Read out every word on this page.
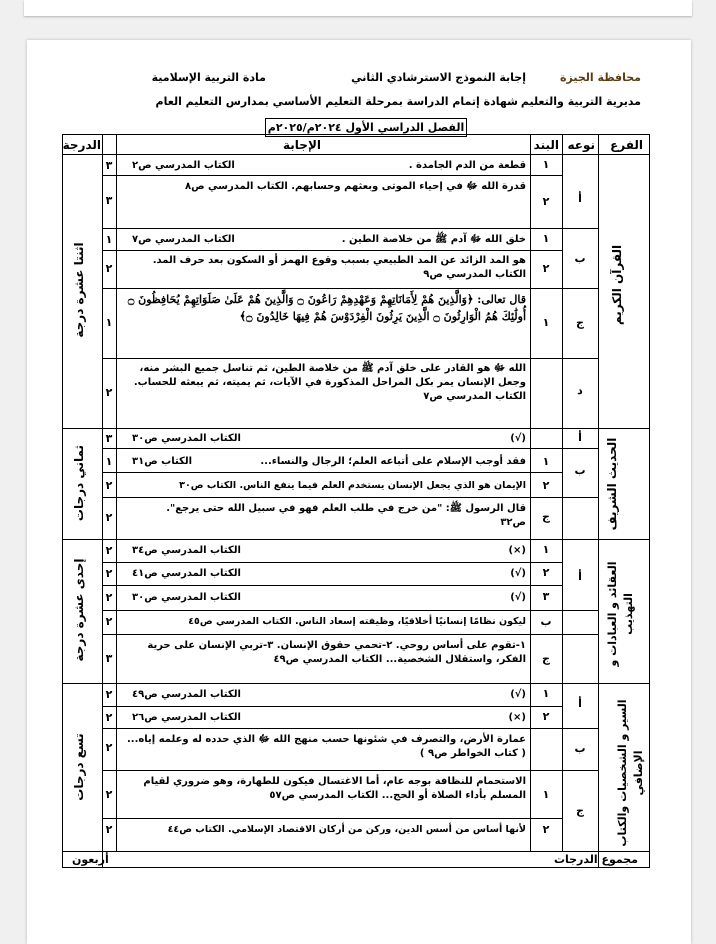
محافظة الجيزة
مديرية التربية والتعليم
إجابة النموذج الاسترشادي الثاني
مادة التربية الإسلامية
شهادة إتمام الدراسة بمرحلة التعليم الأساسي بمدارس التعليم العام
الفصل الدراسي الأول ٢٠٢٤م/٢٠٢٥م
الفرع
نوعه
البند
الإجابة
الدرجة
القرآن الكريم
الحديث الشريف
العقائد و العبادات و التهذيب
السير و الشخصيات والكتاب الإضافي
اثنتا عشرة درجة
ثماني درجات
إحدى عشرة درجة
تسع درجات
أ
ب
ج
د
١
٢
١
٢
١
قطعة من الدم الجامدة .
الكتاب المدرسي ص٢
قدرة الله ﷻ في إحياء الموتى وبعثهم وحسابهم. الكتاب المدرسي ص٨
خلق الله ﷻ آدم ﷺ من خلاصة الطين .
الكتاب المدرسي ص٧
هو المد الزائد عن المد الطبيعي بسبب وقوع الهمز أو السكون بعد حرف المد. الكتاب المدرسي ص٩
قال تعالى: ﴿وَالَّذِينَ هُمْ لِأَمَانَاتِهِمْ وَعَهْدِهِمْ رَاعُونَ ۝ وَالَّذِينَ هُمْ عَلَىٰ صَلَوَاتِهِمْ يُحَافِظُونَ ۝ أُولَٰئِكَ هُمُ الْوَارِثُونَ ۝ الَّذِينَ يَرِثُونَ الْفِرْدَوْسَ هُمْ فِيهَا خَالِدُونَ ۝﴾
الله ﷻ هو القادر على خلق آدم ﷺ من خلاصة الطين، ثم تناسل جميع البشر منه، وجعل الإنسان يمر بكل المراحل المذكورة في الآيات، ثم يميته، ثم يبعثه للحساب. الكتاب المدرسي ص٧
٣
٣
١
٢
١
٢
أ
ب
ج
١
٢
(√)
الكتاب المدرسي ص٣٠
فقد أوجب الإسلام على أتباعه العلم؛ الرجال والنساء...
الكتاب ص٣١
الإيمان هو الذي يجعل الإنسان يستخدم العلم فيما ينفع الناس. الكتاب ص٣٠
قال الرسول ﷺ: "من خرج في طلب العلم فهو في سبيل الله حتى يرجع".
ص٣٢
٣
١
٢
٢
أ
ب
ج
١
٢
٣
(×)
الكتاب المدرسي ص٣٤
(√)
الكتاب المدرسي ص٤١
(√)
الكتاب المدرسي ص٣٠
ليكون نظامًا إنسانيًا أخلاقيًا، وظيفته إسعاد الناس. الكتاب المدرسي ص٤٥
١-تقوم على أساس روحي. ٢-تحمي حقوق الإنسان. ٣-تربي الإنسان على حرية الفكر، واستقلال الشخصية... الكتاب المدرسي ص٤٩
٢
٢
٢
٢
٣
أ
ب
ج
١
٢
١
٢
(√)
الكتاب المدرسي ص٤٩
(×)
الكتاب المدرسي ص٢٦
عمارة الأرض، والتصرف في شئونها حسب منهج الله ﷻ الذي حدده له وعلمه إياه... ( كتاب الخواطر ص٩ )
الاستحمام للنظافة بوجه عام، أما الاغتسال فيكون للطهارة، وهو ضروري لقيام المسلم بأداء الصلاة أو الحج... الكتاب المدرسي ص٥٧
لأنها أساس من أسس الدين، وركن من أركان الاقتصاد الإسلامي. الكتاب ص٤٤
٢
٢
٢
٢
٢
مجموع الدرجات
أربعون
